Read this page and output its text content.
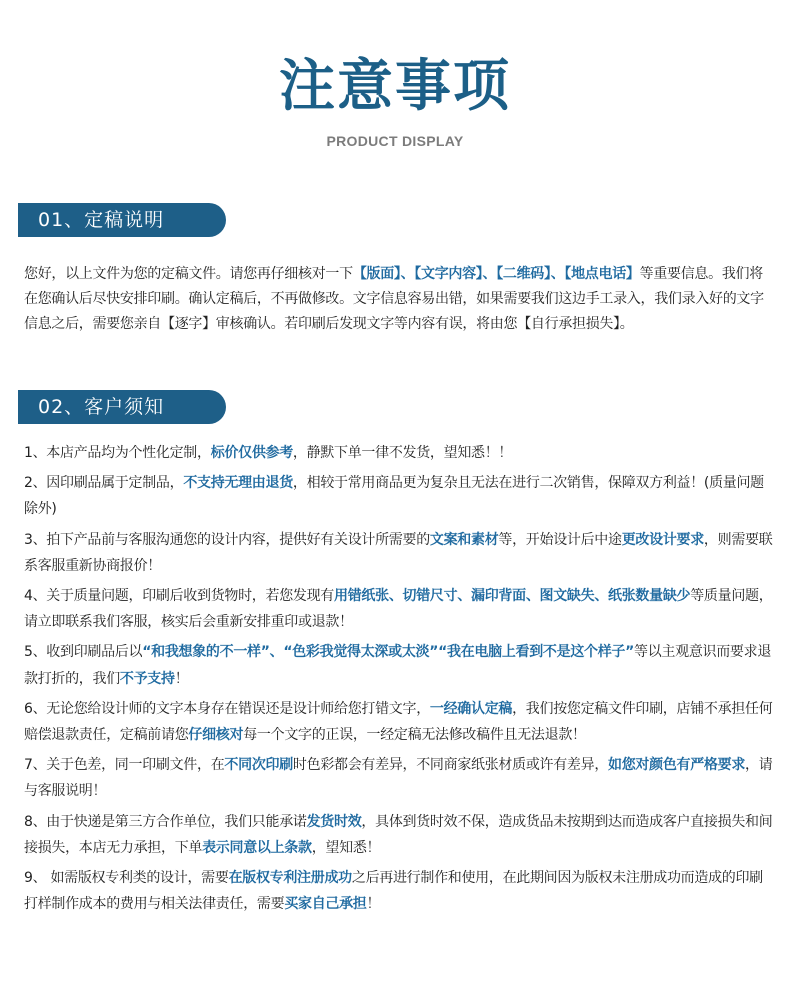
注意事项
PRODUCT DISPLAY
01、定稿说明

您好，以上文件为您的定稿文件。请您再仔细核对一下【版面】、【文字内容】、【二维码】、【地点电话】等重要信息。我们将在您确认后尽快安排印刷。确认定稿后，不再做修改。文字信息容易出错，如果需要我们这边手工录入，我们录入好的文字信息之后，需要您亲自【逐字】审核确认。若印刷后发现文字等内容有误，将由您【自行承担损失】。

02、客户须知

1、本店产品均为个性化定制，标价仅供参考，静默下单一律不发货，望知悉！！

2、因印刷品属于定制品，不支持无理由退货，相较于常用商品更为复杂且无法在进行二次销售，保障双方利益！(质量问题除外)

3、拍下产品前与客服沟通您的设计内容，提供好有关设计所需要的文案和素材等，开始设计后中途更改设计要求，则需要联系客服重新协商报价！

4、关于质量问题，印刷后收到货物时，若您发现有用错纸张、切错尺寸、漏印背面、图文缺失、纸张数量缺少等质量问题，请立即联系我们客服，核实后会重新安排重印或退款！

5、收到印刷品后以“和我想象的不一样”、“色彩我觉得太深或太淡”“我在电脑上看到不是这个样子”等以主观意识而要求退款打折的，我们不予支持！

6、无论您给设计师的文字本身存在错误还是设计师给您打错文字，一经确认定稿，我们按您定稿文件印刷，店铺不承担任何赔偿退款责任，定稿前请您仔细核对每一个文字的正误，一经定稿无法修改稿件且无法退款！

7、关于色差，同一印刷文件，在不同次印刷时色彩都会有差异，不同商家纸张材质或许有差异，如您对颜色有严格要求，请与客服说明！

8、由于快递是第三方合作单位，我们只能承诺发货时效，具体到货时效不保，造成货品未按期到达而造成客户直接损失和间接损失，本店无力承担，下单表示同意以上条款，望知悉！

9、 如需版权专利类的设计，需要在版权专利注册成功之后再进行制作和使用，在此期间因为版权未注册成功而造成的印刷打样制作成本的费用与相关法律责任，需要买家自己承担！
